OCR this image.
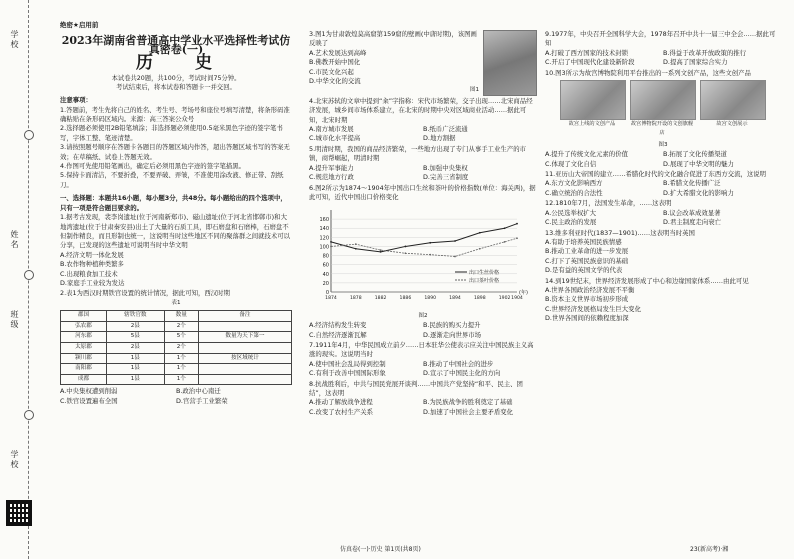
学校
姓名
班级
学校
绝密★启用前
2023年湖南省普通高中学业水平选择性考试仿真密卷(一)
历 史
本试卷共20题，共100分，考试时间75分钟。
考试结束后，将本试卷和答题卡一并交回。
注意事项：

1.答题前，考生先将自己的姓名、考生号、考场号和座位号填写清楚，将条形码准确粘贴在条形码区域内。来源：高三答案公众号

2.选择题必须使用2B铅笔填涂；非选择题必须使用0.5毫米黑色字迹的签字笔书写，字体工整、笔迹清楚。

3.请按照题号顺序在答题卡各题目的答题区域内作答，超出答题区域书写的答案无效；在草稿纸、试卷上答题无效。

4.作图可先使用铅笔画出，确定后必须用黑色字迹的签字笔描黑。

5.保持卡面清洁，不要折叠，不要弄破、弄皱，不准使用涂改液、修正带、刮纸刀。

一、选择题：本题共16小题，每小题3分，共48分。每小题给出的四个选项中，只有一项是符合题目要求的。

1.据考古发现，裴李岗遗址(位于河南新郑市)、磁山遗址(位于河北省邯郸市)和大地湾遗址(位于甘肃秦安县)出土了大量的石质工具，即石磨盘和石磨棒，石磨盘不但制作精良，而且形制也统一，这说明当时这些地区不同的聚落群之间就技术可以分享，已发现的这些遗址可说明当时中华文明

A.经济文明一体化发展
B.农作物种植种类繁多
C.出现粮食加工技术
D.家庭手工业较为发达

2.表1为西汉时期铁官设置的统计情况，据此可知，西汉时期

表1
郡国	辖铁官数	数量	备注
弘农郡	2县	2个	
河东郡	5县	5个	数量为天下第一
太原郡	2县	2个	
颍川郡	1县	1个	按区域统计
南阳郡	1县	1个	
成都	1县	1个	
A.中央集权遭到削弱	B.政治中心南迁
C.铁官设置遍布全国	D.官营手工业繁荣

3.图1为甘肃敦煌莫高窟第159窟的壁画(中唐时期)，该图画反映了

A.艺术发展达到高峰
B.佛教开始中国化
C.市民文化兴起
D.中华文化的交流
图1

4.北宋苏轼的文章中提到“籴”字指称：宋代市场繁荣，交子出现……北宋商品经济发展，城乡间市场体系建立，在北宋的时期中央对区域商业活动……据此可知，北宋时期

A.南方城市发展	B.纸币广泛流通
C.城市化水平提高	D.地方割据

5.明清时期，我国的商品经济繁荣，一些地方出现了专门从事手工业生产的市镇，商帮崛起，明清时期

A.提升军事能力	B.加强中央集权
C.规范地方行政	D.完善三省制度

6.图2所示为1874～1904年中国出口生丝和茶叶的价格指数(单位：海关两)，据此可知，近代中国出口价格变化

0
20
40
60
80
100
120
140
160
1874	1878	1882	1886	1890	1894	1898	1902 1904
(年)
出口生丝价格
出口茶叶价格
图2
A.经济结构发生转变	B.民族的购买力提升
C.自然经济逐渐瓦解	D.逐渐走向世界市场

7.1911年4月，中华民国成立前夕……日本驻华公使表示应关注中国民族主义高涨的现实。这说明当时

A.使中国社会乱局得到控制	B.推动了中国社会的进步
C.有利于改善中国国际形象	D.宣示了中国民主化的方向

8.抗战胜利后，中共与国民党展开谈判……中国共产党坚持“和平、民主、团结”，这表明

A.推动了解放战争进程	B.为民族战争的胜利奠定了基础
C.改变了农村生产关系	D.加速了中国社会主要矛盾变化

9.1977年，中央召开全国科学大会，1978年召开中共十一届三中全会……据此可知

A.打破了西方国家的技术封锁	B.得益于改革开放政策的推行
C.开启了中国现代化建设新阶段	D.提高了国家综合实力

10.图3所示为故宫博物院利用平台推出的一系列文创产品，这些文创产品

故宫上线的文创产品	故宫博物院开设的文创旗舰店
故宫文创展示
图3
A.提升了传统文化元素的价值	B.拓展了文化传播渠道
C.体现了文化自信	D.展现了中华文明的魅力

11.亚历山大帝国的建立……希腊化时代的文化融合促进了东西方交流，这说明

A.东方文化影响西方	B.希腊文化传播广泛
C.确立统治的合法性	D.扩大希腊文化的影响力

12.1810年7月，法国发生革命，……这表明

A.公民选举权扩大	B.议会改革成效显著
C.民主政治的发展	D.君主制度走向衰亡

13.维多利亚时代(1837—1901)……这表明当时英国

A.有助于培养英国民族情感
B.推动工业革命的进一步发展
C.打下了英国民族意识的基础
D.是有益的英国文学的代表

14.到19世纪末，世界经济发展形成了中心和边缘国家体系……由此可见

A.世界各国政治经济发展不平衡
B.资本主义世界市场初步形成
C.世界经济发展格局发生巨大变化
D.世界各国间的依赖程度加深
仿真卷(一)·历史 第1页(共8页)	23(新高考)·湘
